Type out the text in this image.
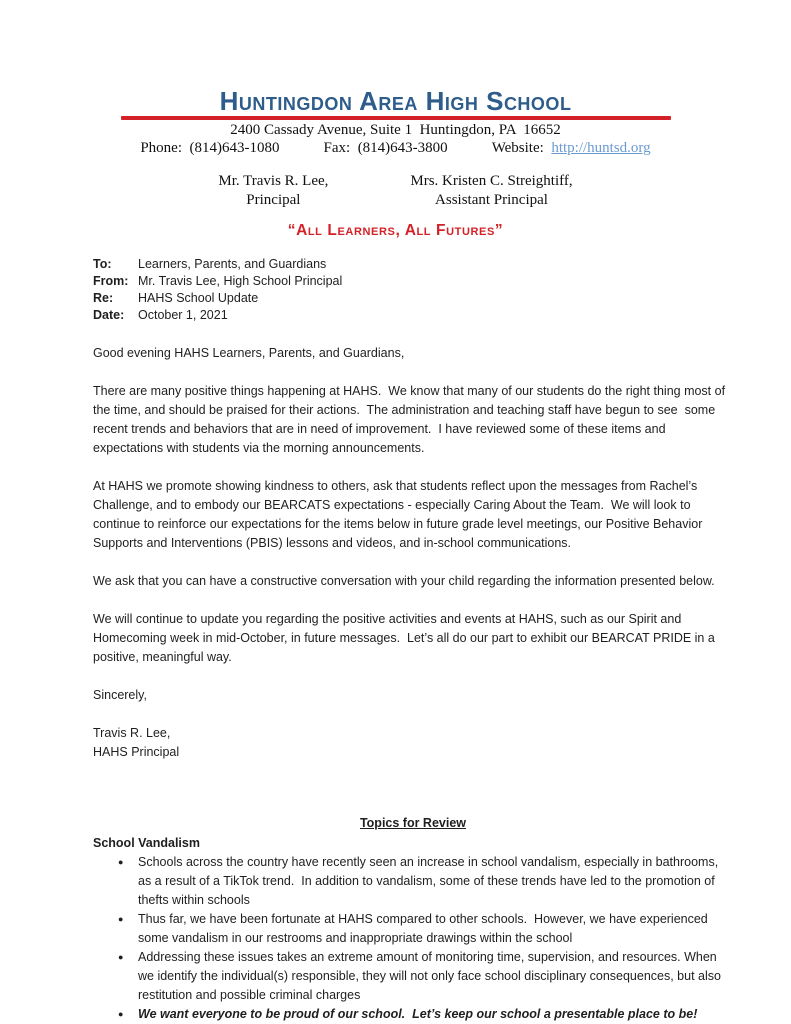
Huntingdon Area High School
2400 Cassady Avenue, Suite 1  Huntingdon, PA  16652
Phone:  (814)643-1080	Fax:  (814)643-3800	Website:  http://huntsd.org
Mr. Travis R. Lee,
Principal
Mrs. Kristen C. Streightiff,
Assistant Principal
“All Learners, All Futures”
To:	Learners, Parents, and Guardians
From: Mr. Travis Lee, High School Principal
Re:	HAHS School Update
Date:	October 1, 2021

Good evening HAHS Learners, Parents, and Guardians,

There are many positive things happening at HAHS.  We know that many of our students do the right thing most of the time, and should be praised for their actions.  The administration and teaching staff have begun to see  some recent trends and behaviors that are in need of improvement.  I have reviewed some of these items and expectations with students via the morning announcements.

At HAHS we promote showing kindness to others, ask that students reflect upon the messages from Rachel’s Challenge, and to embody our BEARCATS expectations - especially Caring About the Team.  We will look to continue to reinforce our expectations for the items below in future grade level meetings, our Positive Behavior Supports and Interventions (PBIS) lessons and videos, and in-school communications.

We ask that you can have a constructive conversation with your child regarding the information presented below.

We will continue to update you regarding the positive activities and events at HAHS, such as our Spirit and Homecoming week in mid-October, in future messages.  Let’s all do our part to exhibit our BEARCAT PRIDE in a positive, meaningful way.

Sincerely,

Travis R. Lee,
HAHS Principal
Topics for Review
School Vandalism
● Schools across the country have recently seen an increase in school vandalism, especially in bathrooms, as a result of a TikTok trend.  In addition to vandalism, some of these trends have led to the promotion of thefts within schools
● Thus far, we have been fortunate at HAHS compared to other schools.  However, we have experienced some vandalism in our restrooms and inappropriate drawings within the school
● Addressing these issues takes an extreme amount of monitoring time, supervision, and resources. When we identify the individual(s) responsible, they will not only face school disciplinary consequences, but also restitution and possible criminal charges
● We want everyone to be proud of our school.  Let’s keep our school a presentable place to be!
